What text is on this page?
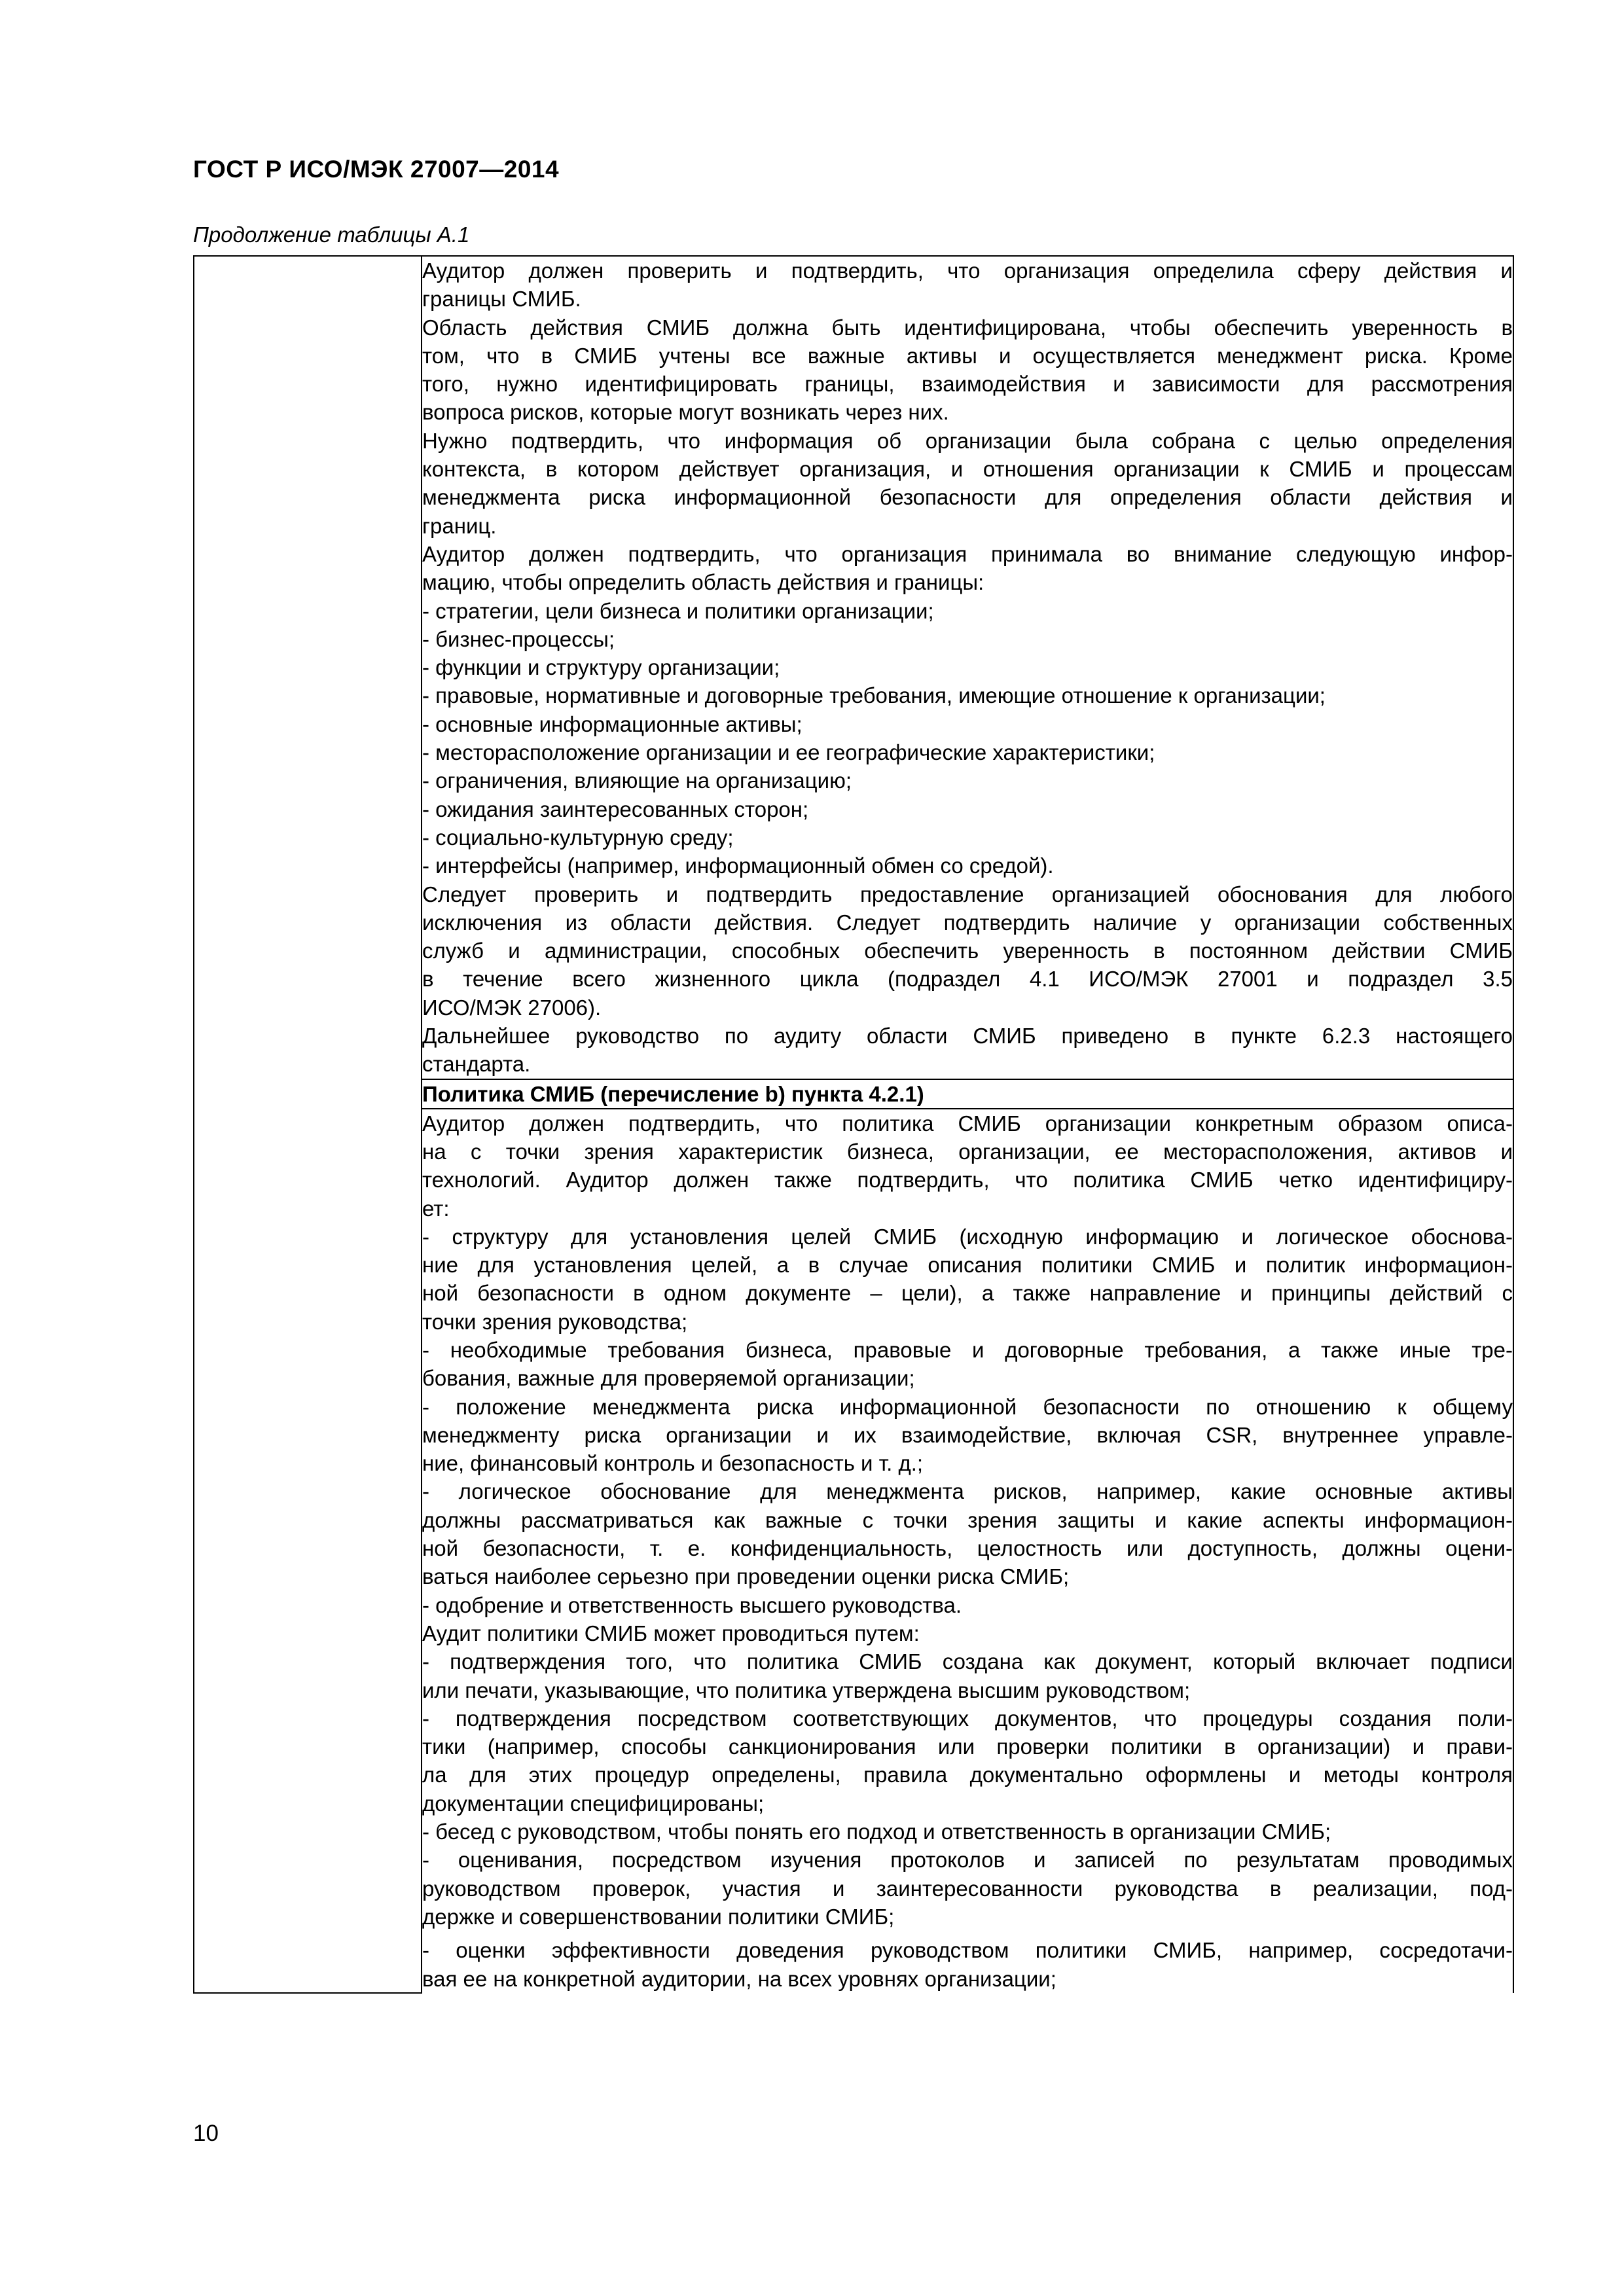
ГОСТ Р ИСО/МЭК 27007—2014
Продолжение таблицы А.1

Аудитор должен проверить и подтвердить, что организация определила сферу действия и
границы СМИБ.
Область действия СМИБ должна быть идентифицирована, чтобы обеспечить уверенность в
том, что в СМИБ учтены все важные активы и осуществляется менеджмент риска. Кроме
того, нужно идентифицировать границы, взаимодействия и зависимости для рассмотрения
вопроса рисков, которые могут возникать через них.
Нужно подтвердить, что информация об организации была собрана с целью определения
контекста, в котором действует организация, и отношения организации к СМИБ и процессам
менеджмента риска информационной безопасности для определения области действия и
границ.
Аудитор должен подтвердить, что организация принимала во внимание следующую инфор-
мацию, чтобы определить область действия и границы:
- стратегии, цели бизнеса и политики организации;
- бизнес-процессы;
- функции и структуру организации;
- правовые, нормативные и договорные требования, имеющие отношение к организации;
- основные информационные активы;
- месторасположение организации и ее географические характеристики;
- ограничения, влияющие на организацию;
- ожидания заинтересованных сторон;
- социально-культурную среду;
- интерфейсы (например, информационный обмен со средой).
Следует проверить и подтвердить предоставление организацией обоснования для любого
исключения из области действия. Следует подтвердить наличие у организации собственных
служб и администрации, способных обеспечить уверенность в постоянном действии СМИБ
в течение всего жизненного цикла (подраздел 4.1 ИСО/МЭК 27001 и подраздел 3.5
ИСО/МЭК 27006).
Дальнейшее руководство по аудиту области СМИБ приведено в пункте 6.2.3 настоящего
стандарта.

Политика СМИБ (перечисление b) пункта 4.2.1)

Аудитор должен подтвердить, что политика СМИБ организации конкретным образом описа-
на с точки зрения характеристик бизнеса, организации, ее месторасположения, активов и
технологий. Аудитор должен также подтвердить, что политика СМИБ четко идентифициру-
ет:
- структуру для установления целей СМИБ (исходную информацию и логическое обоснова-
ние для установления целей, а в случае описания политики СМИБ и политик информацион-
ной безопасности в одном документе – цели), а также направление и принципы действий с
точки зрения руководства;
- необходимые требования бизнеса, правовые и договорные требования, а также иные тре-
бования, важные для проверяемой организации;
- положение менеджмента риска информационной безопасности по отношению к общему
менеджменту риска организации и их взаимодействие, включая CSR, внутреннее управле-
ние, финансовый контроль и безопасность и т. д.;
- логическое обоснование для менеджмента рисков, например, какие основные активы
должны рассматриваться как важные с точки зрения защиты и какие аспекты информацион-
ной безопасности, т. е. конфиденциальность, целостность или доступность, должны оцени-
ваться наиболее серьезно при проведении оценки риска СМИБ;
- одобрение и ответственность высшего руководства.
Аудит политики СМИБ может проводиться путем:
- подтверждения того, что политика СМИБ создана как документ, который включает подписи
или печати, указывающие, что политика утверждена высшим руководством;
- подтверждения посредством соответствующих документов, что процедуры создания поли-
тики (например, способы санкционирования или проверки политики в организации) и прави-
ла для этих процедур определены, правила документально оформлены и методы контроля
документации специфицированы;
- бесед с руководством, чтобы понять его подход и ответственность в организации СМИБ;
- оценивания, посредством изучения протоколов и записей по результатам проводимых
руководством проверок, участия и заинтересованности руководства в реализации, под-
держке и совершенствовании политики СМИБ;
- оценки эффективности доведения руководством политики СМИБ, например, сосредотачи-
вая ее на конкретной аудитории, на всех уровнях организации;
10
